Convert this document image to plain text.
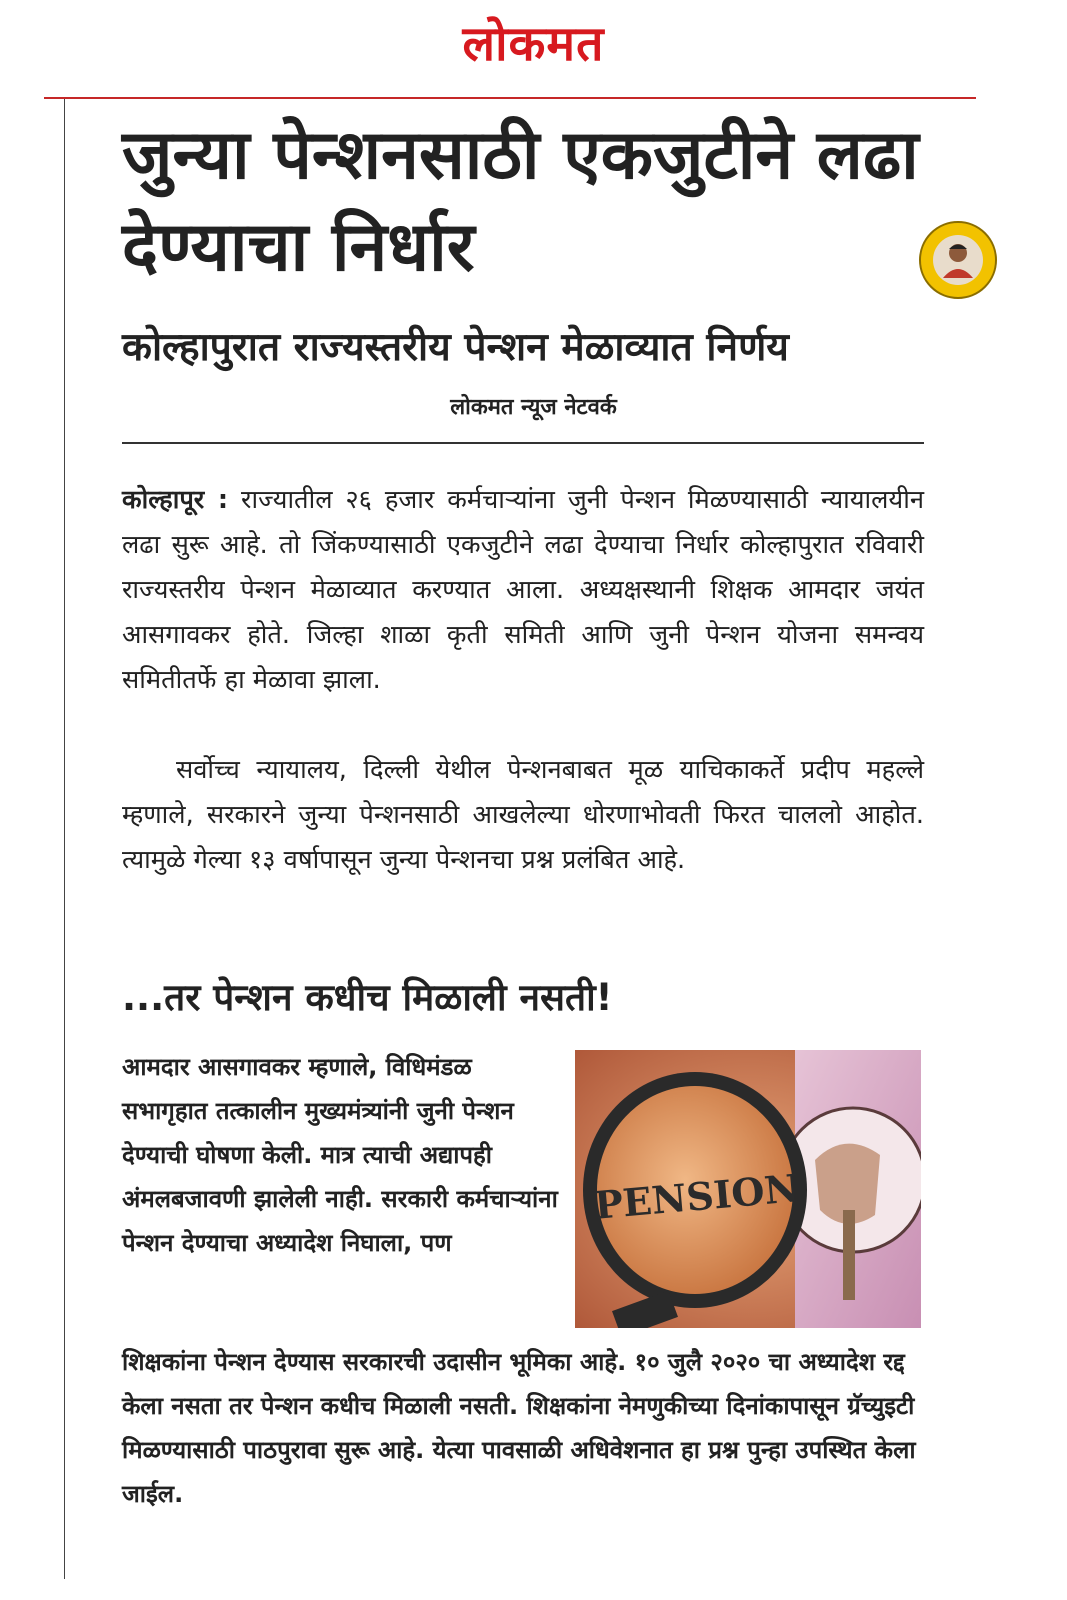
लोकमत
जुन्या पेन्शनसाठी एकजुटीने लढा देण्याचा निर्धार
कोल्हापुरात राज्यस्तरीय पेन्शन मेळाव्यात निर्णय
लोकमत न्यूज नेटवर्क
कोल्हापूर : राज्यातील २६ हजार कर्मचाऱ्यांना जुनी पेन्शन मिळण्यासाठी न्यायालयीन लढा सुरू आहे. तो जिंकण्यासाठी एकजुटीने लढा देण्याचा निर्धार कोल्हापुरात रविवारी राज्यस्तरीय पेन्शन मेळाव्यात करण्यात आला. अध्यक्षस्थानी शिक्षक आमदार जयंत आसगावकर होते. जिल्हा शाळा कृती समिती आणि जुनी पेन्शन योजना समन्वय समितीतर्फे हा मेळावा झाला.
सर्वोच्च न्यायालय, दिल्ली येथील पेन्शनबाबत मूळ याचिकाकर्ते प्रदीप महल्ले म्हणाले, सरकारने जुन्या पेन्शनसाठी आखलेल्या धोरणाभोवती फिरत चाललो आहोत. त्यामुळे गेल्या १३ वर्षापासून जुन्या पेन्शनचा प्रश्न प्रलंबित आहे.
...तर पेन्शन कधीच मिळाली नसती!
आमदार आसगावकर म्हणाले, विधिमंडळ सभागृहात तत्कालीन मुख्यमंत्र्यांनी जुनी पेन्शन देण्याची घोषणा केली. मात्र त्याची अद्यापही अंमलबजावणी झालेली नाही. सरकारी कर्मचाऱ्यांना पेन्शन देण्याचा अध्यादेश निघाला, पण
PENSION
शिक्षकांना पेन्शन देण्यास सरकारची उदासीन भूमिका आहे. १० जुलै २०२० चा अध्यादेश रद्द केला नसता तर पेन्शन कधीच मिळाली नसती. शिक्षकांना नेमणुकीच्या दिनांकापासून ग्रॅच्युइटी मिळण्यासाठी पाठपुरावा सुरू आहे. येत्या पावसाळी अधिवेशनात हा प्रश्न पुन्हा उपस्थित केला जाईल.
